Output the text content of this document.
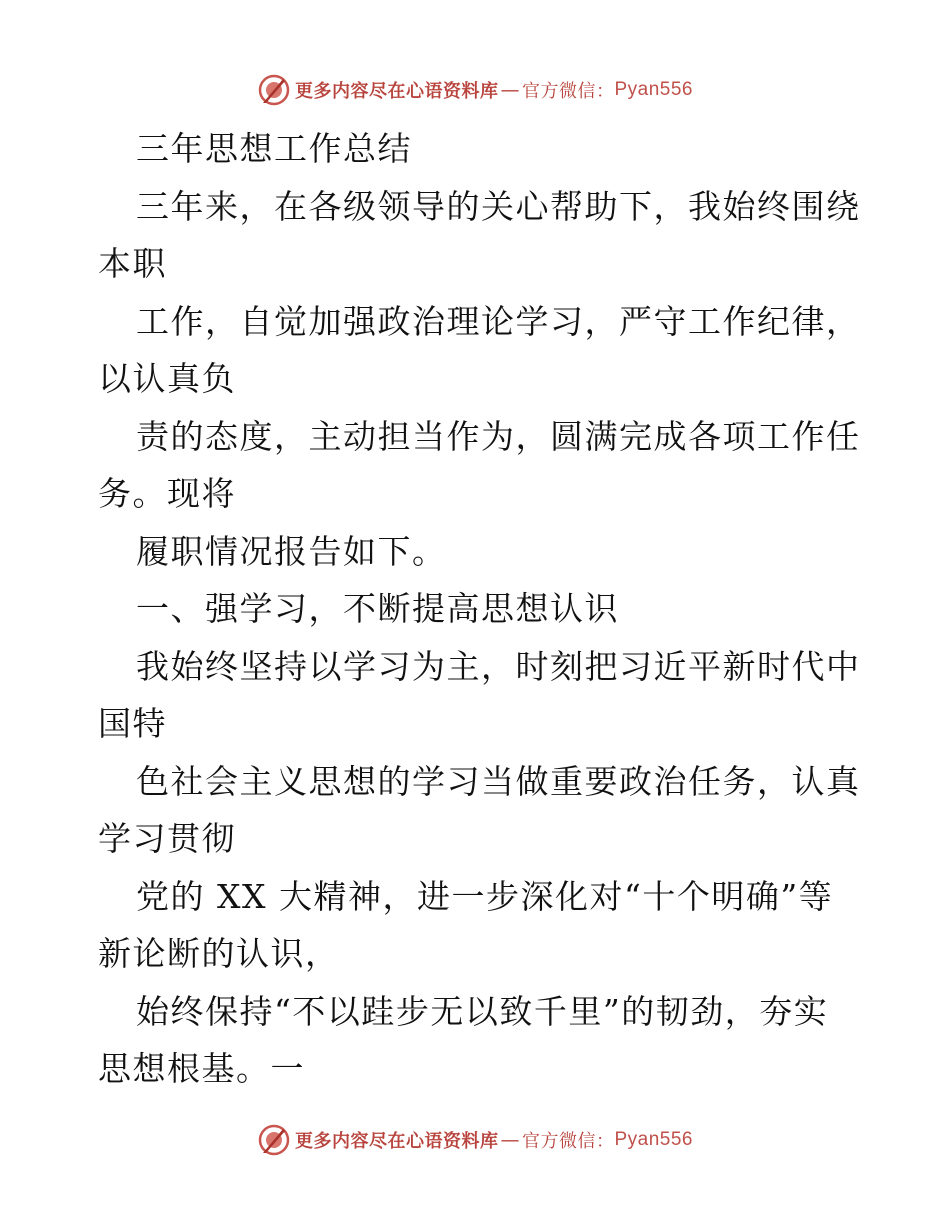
更多内容尽在心语资料库 — 官方微信： Pyan556
三年思想工作总结
三年来，在各级领导的关心帮助下，我始终围绕
本职
工作，自觉加强政治理论学习，严守工作纪律，
以认真负
责的态度，主动担当作为，圆满完成各项工作任
务。现将
履职情况报告如下。
一、强学习，不断提高思想认识
我始终坚持以学习为主，时刻把习近平新时代中
国特
色社会主义思想的学习当做重要政治任务，认真
学习贯彻
党的 XX 大精神，进一步深化对“十个明确”等
新论断的认识，
始终保持“不以跬步无以致千里”的韧劲，夯实
思想根基。一
更多内容尽在心语资料库 — 官方微信： Pyan556
